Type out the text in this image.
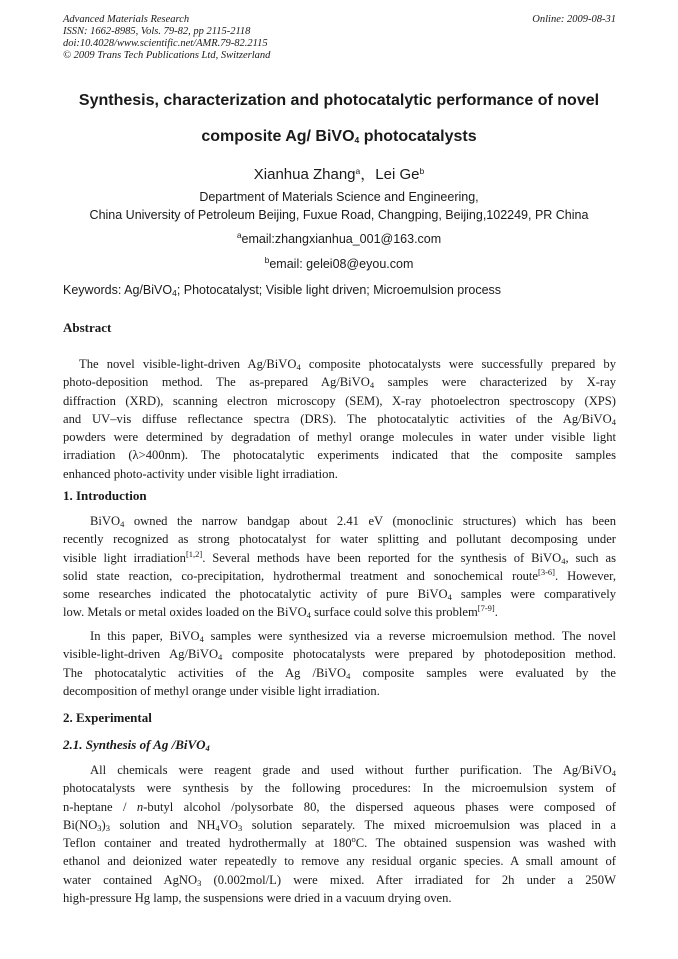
Advanced Materials Research
ISSN: 1662-8985, Vols. 79-82, pp 2115-2118
doi:10.4028/www.scientific.net/AMR.79-82.2115
© 2009 Trans Tech Publications Ltd, Switzerland
Online: 2009-08-31
Synthesis, characterization and photocatalytic performance of novel
composite Ag/ BiVO$_4$ photocatalysts
Xianhua Zhang$^a$，Lei Ge$^b$
Department of Materials Science and Engineering,
China University of Petroleum Beijing, Fuxue Road, Changping, Beijing,102249, PR China
$^a$email:zhangxianhua_001@163.com
$^b$email: gelei08@eyou.com
Keywords: Ag/BiVO$_4$; Photocatalyst; Visible light driven; Microemulsion process
Abstract
The novel visible-light-driven Ag/BiVO$_4$ composite photocatalysts were successfully prepared by
photo-deposition method. The as-prepared Ag/BiVO$_4$ samples were characterized by X-ray
diffraction (XRD), scanning electron microscopy (SEM), X-ray photoelectron spectroscopy (XPS)
and UV–vis diffuse reflectance spectra (DRS). The photocatalytic activities of the Ag/BiVO$_4$
powders were determined by degradation of methyl orange molecules in water under visible light
irradiation (λ>400nm). The photocatalytic experiments indicated that the composite samples
enhanced photo-activity under visible light irradiation.
1. Introduction
BiVO$_4$ owned the narrow bandgap about 2.41 eV (monoclinic structures) which has been
recently recognized as strong photocatalyst for water splitting and pollutant decomposing under
visible light irradiation[1,2]. Several methods have been reported for the synthesis of BiVO$_4$, such as
solid state reaction, co-precipitation, hydrothermal treatment and sonochemical route[3-6]. However,
some researches indicated the photocatalytic activity of pure BiVO$_4$ samples were comparatively
low. Metals or metal oxides loaded on the BiVO$_4$ surface could solve this problem[7-9].
In this paper, BiVO$_4$ samples were synthesized via a reverse microemulsion method. The novel
visible-light-driven Ag/BiVO$_4$ composite photocatalysts were prepared by photodeposition method.
The photocatalytic activities of the Ag /BiVO$_4$ composite samples were evaluated by the
decomposition of methyl orange under visible light irradiation.
2. Experimental
2.1. Synthesis of Ag /BiVO$_4$
All chemicals were reagent grade and used without further purification. The Ag/BiVO$_4$
photocatalysts were synthesis by the following procedures: In the microemulsion system of
n-heptane / n-butyl alcohol /polysorbate 80, the dispersed aqueous phases were composed of
$Bi(NO_3)_3$ solution and $NH_4VO_3$ solution separately. The mixed microemulsion was placed in a
Teflon container and treated hydrothermally at 180$^o$C. The obtained suspension was washed with
ethanol and deionized water repeatedly to remove any residual organic species. A small amount of
water contained AgNO$_3$ (0.002mol/L) were mixed. After irradiated for 2h under a 250W
high-pressure Hg lamp, the suspensions were dried in a vacuum drying oven.
